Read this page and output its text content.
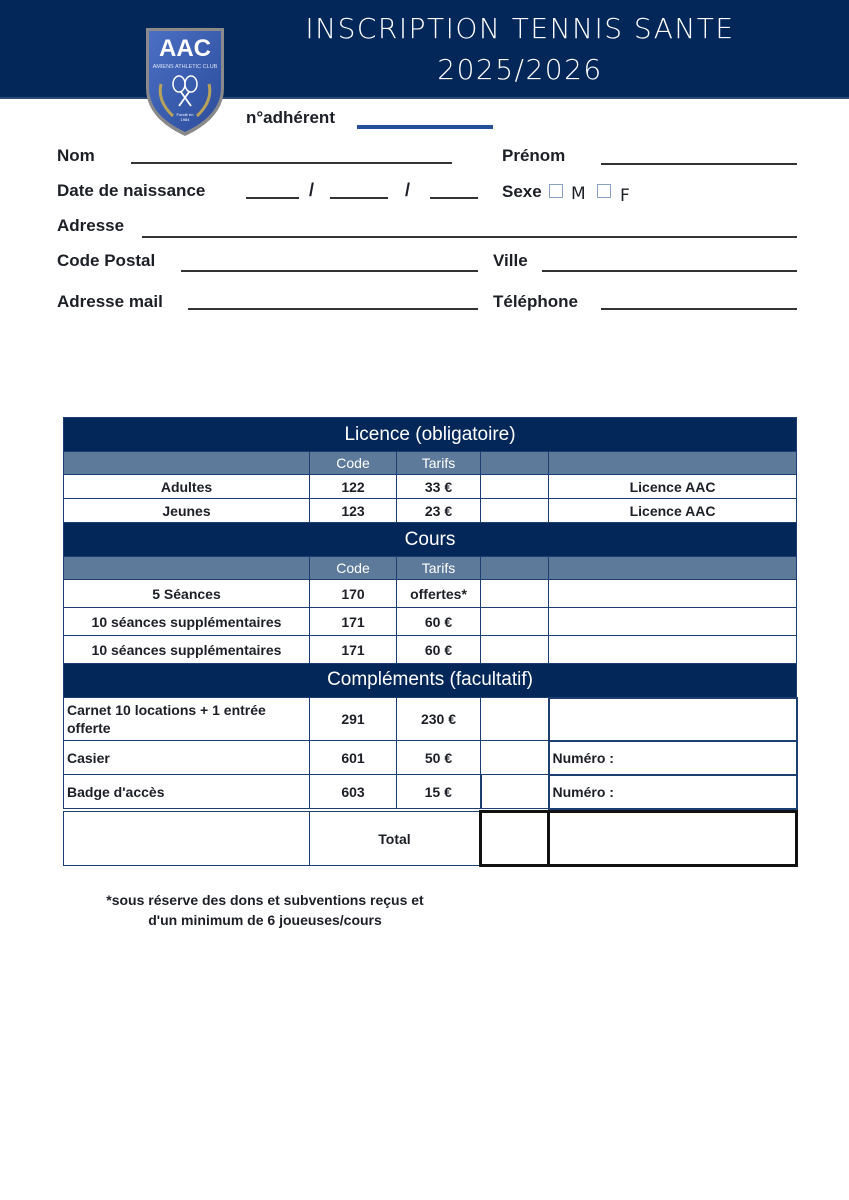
INSCRIPTION TENNIS SANTE
2025/2026
AAC
AMIENS ATHLETIC CLUB
Fondé en
1984	n°adhérent
Nom	Prénom
Date de naissance	/	/	Sexe M F
Adresse
Code Postal	Ville
Adresse mail	Téléphone
Licence (obligatoire)				
	Code	Tarifs		
Adultes	122	33 €		Licence AAC
Jeunes	123	23 €		Licence AAC
Cours				
	Code	Tarifs		
5 Séances	170	offertes*		
10 séances supplémentaires	171	60 €		
10 séances supplémentaires	171	60 €		
Compléments (facultatif)				
Carnet 10 locations + 1 entrée offerte	291	230 €		
Casier	601	50 €		Numéro :
Badge d'accès	603	15 €		Numéro :

	Total			
*sous réserve des dons et subventions reçus et
d'un minimum de 6 joueuses/cours
